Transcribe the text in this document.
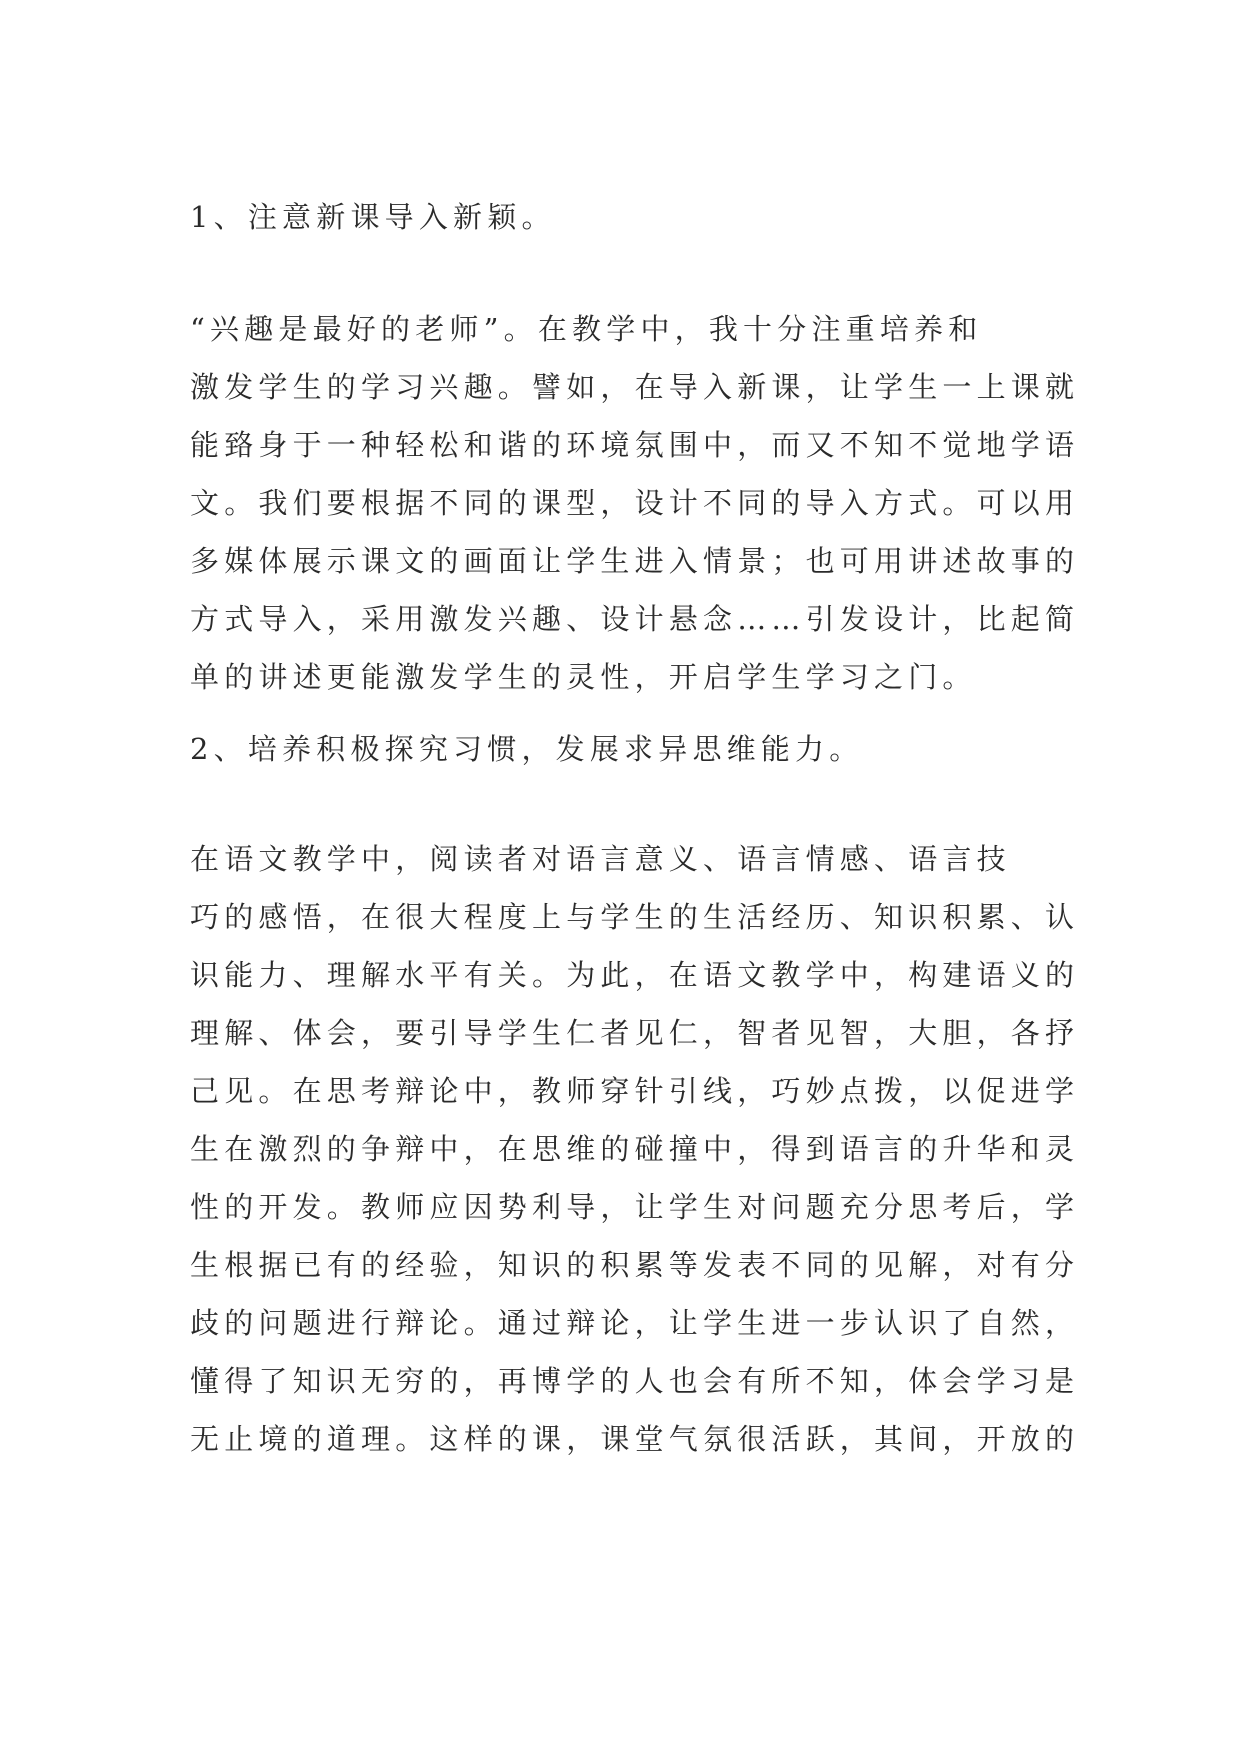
1、注意新课导入新颖。

“兴趣是最好的老师”。在教学中，我十分注重培养和
激发学生的学习兴趣。譬如，在导入新课，让学生一上课就
能臵身于一种轻松和谐的环境氛围中，而又不知不觉地学语
文。我们要根据不同的课型，设计不同的导入方式。可以用
多媒体展示课文的画面让学生进入情景；也可用讲述故事的
方式导入，采用激发兴趣、设计悬念……引发设计，比起简
单的讲述更能激发学生的灵性，开启学生学习之门。

2、培养积极探究习惯，发展求异思维能力。

在语文教学中，阅读者对语言意义、语言情感、语言技
巧的感悟，在很大程度上与学生的生活经历、知识积累、认
识能力、理解水平有关。为此，在语文教学中，构建语义的
理解、体会，要引导学生仁者见仁，智者见智，大胆，各抒
己见。在思考辩论中，教师穿针引线，巧妙点拨，以促进学
生在激烈的争辩中，在思维的碰撞中，得到语言的升华和灵
性的开发。教师应因势利导，让学生对问题充分思考后，学
生根据已有的经验，知识的积累等发表不同的见解，对有分
歧的问题进行辩论。通过辩论，让学生进一步认识了自然，
懂得了知识无穷的，再博学的人也会有所不知，体会学习是
无止境的道理。这样的课，课堂气氛很活跃，其间，开放的
